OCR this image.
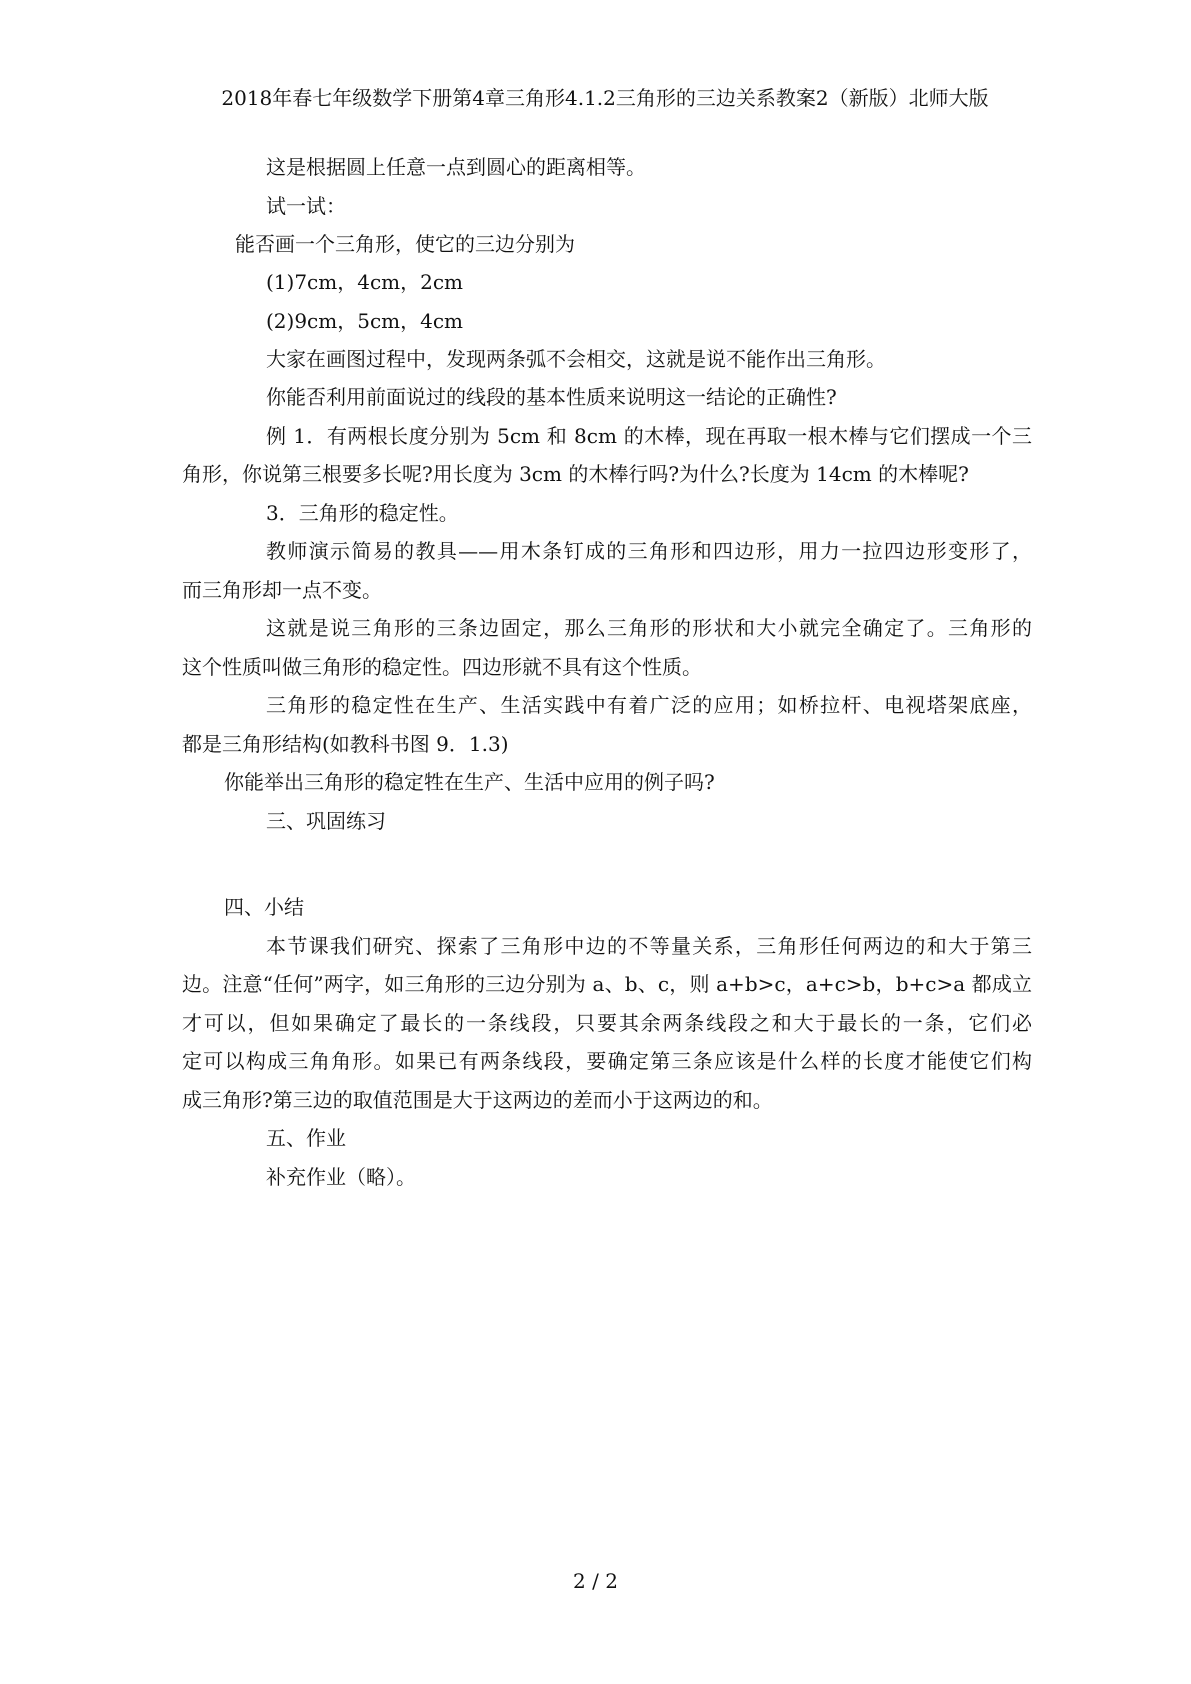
2018年春七年级数学下册第4章三角形4.1.2三角形的三边关系教案2（新版）北师大版
这是根据圆上任意一点到圆心的距离相等。
试一试：
能否画一个三角形，使它的三边分别为
(1)7cm，4cm，2cm
(2)9cm，5cm，4cm
大家在画图过程中，发现两条弧不会相交，这就是说不能作出三角形。
你能否利用前面说过的线段的基本性质来说明这一结论的正确性?
例 1．有两根长度分别为 5cm 和 8cm 的木棒，现在再取一根木棒与它们摆成一个三
角形，你说第三根要多长呢?用长度为 3cm 的木棒行吗?为什么?长度为 14cm 的木棒呢?
3．三角形的稳定性。
教师演示简易的教具——用木条钉成的三角形和四边形，用力一拉四边形变形了，
而三角形却一点不变。
这就是说三角形的三条边固定，那么三角形的形状和大小就完全确定了。三角形的
这个性质叫做三角形的稳定性。四边形就不具有这个性质。
三角形的稳定性在生产、生活实践中有着广泛的应用；如桥拉杆、电视塔架底座，
都是三角形结构(如教科书图 9．1.3)
你能举出三角形的稳定牲在生产、生活中应用的例子吗?
三、巩固练习
四、小结
本节课我们研究、探索了三角形中边的不等量关系，三角形任何两边的和大于第三
边。注意“任何”两字，如三角形的三边分别为 a、b、c，则 a+b>c，a+c>b，b+c>a 都成立
才可以，但如果确定了最长的一条线段，只要其余两条线段之和大于最长的一条，它们必
定可以构成三角角形。如果已有两条线段，要确定第三条应该是什么样的长度才能使它们构
成三角形?第三边的取值范围是大于这两边的差而小于这两边的和。
五、作业
补充作业（略）。
2 / 2
